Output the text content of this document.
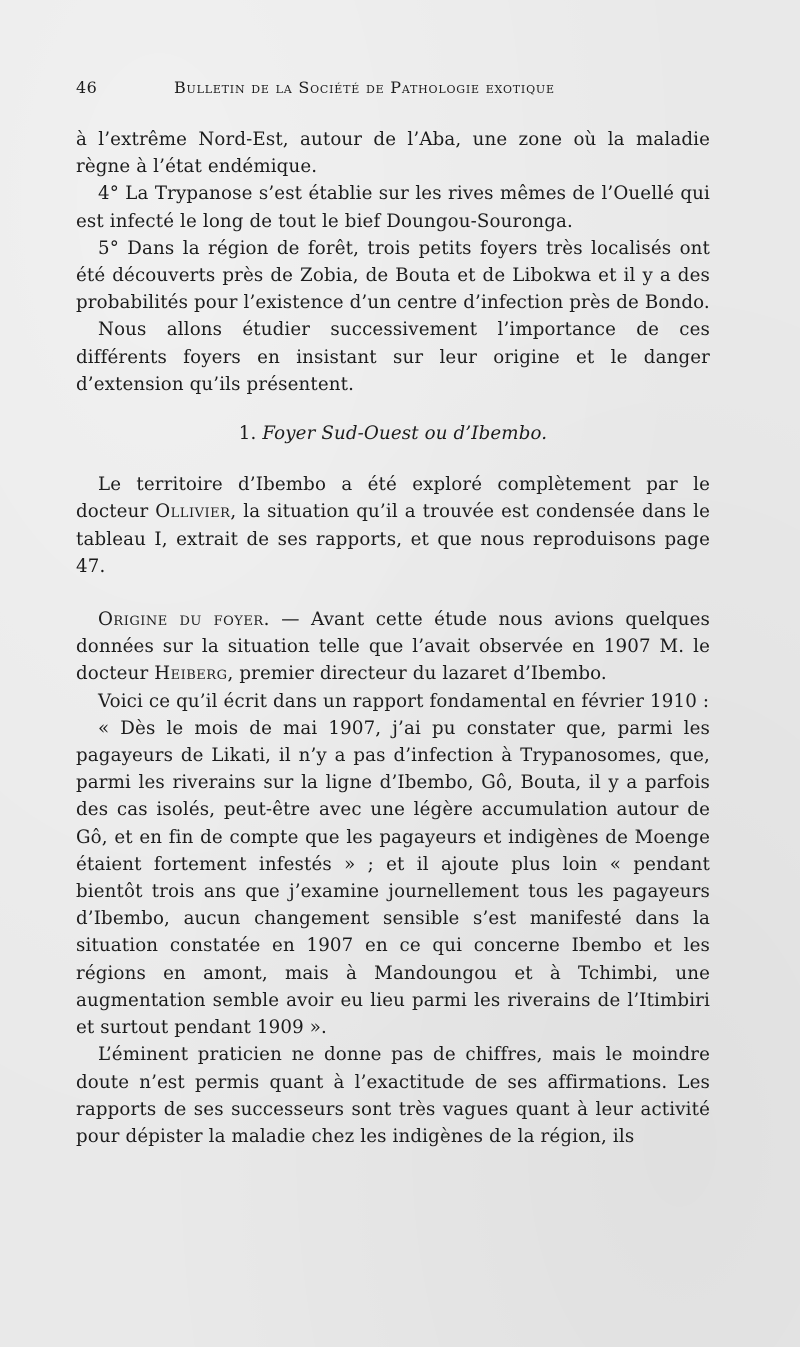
46	Bulletin de la Société de Pathologie exotique

à l’extrême Nord-Est, autour de l’Aba, une zone où la maladie règne à l’état endémique.

4° La Trypanose s’est établie sur les rives mêmes de l’Ouellé qui est infecté le long de tout le bief Doungou-Souronga.

5° Dans la région de forêt, trois petits foyers très localisés ont été découverts près de Zobia, de Bouta et de Libokwa et il y a des probabilités pour l’existence d’un centre d’infection près de Bondo.

Nous allons étudier successivement l’importance de ces différents foyers en insistant sur leur origine et le danger d’extension qu’ils présentent.

1. Foyer Sud-Ouest ou d’Ibembo.

Le territoire d’Ibembo a été exploré complètement par le docteur Ollivier, la situation qu’il a trouvée est condensée dans le tableau I, extrait de ses rapports, et que nous reproduisons page 47.

Origine du foyer. — Avant cette étude nous avions quelques données sur la situation telle que l’avait observée en 1907 M. le docteur Heiberg, premier directeur du lazaret d’Ibembo.

Voici ce qu’il écrit dans un rapport fondamental en février 1910 :

« Dès le mois de mai 1907, j’ai pu constater que, parmi les pagayeurs de Likati, il n’y a pas d’infection à Trypanosomes, que, parmi les riverains sur la ligne d’Ibembo, Gô, Bouta, il y a parfois des cas isolés, peut-être avec une légère accumulation autour de Gô, et en fin de compte que les pagayeurs et indigènes de Moenge étaient fortement infestés » ; et il ajoute plus loin « pendant bientôt trois ans que j’examine journellement tous les pagayeurs d’Ibembo, aucun changement sensible s’est manifesté dans la situation constatée en 1907 en ce qui concerne Ibembo et les régions en amont, mais à Mandoungou et à Tchimbi, une augmentation semble avoir eu lieu parmi les riverains de l’Itimbiri et surtout pendant 1909 ».

L’éminent praticien ne donne pas de chiffres, mais le moindre doute n’est permis quant à l’exactitude de ses affirmations. Les rapports de ses successeurs sont très vagues quant à leur activité pour dépister la maladie chez les indigènes de la région, ils
